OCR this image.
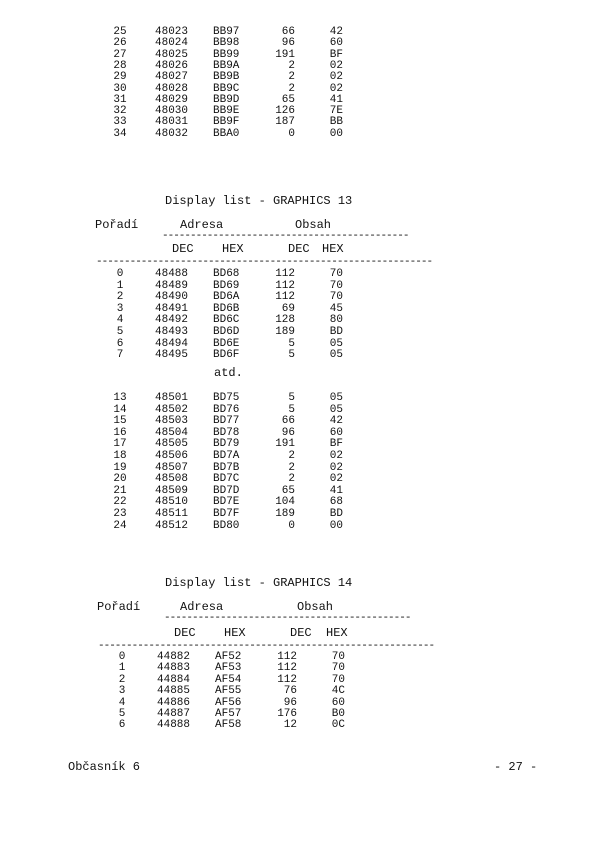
25	48023 BB97	66	42
26	48024 BB98	96	60
27	48025 BB99	191	BF
28	48026 BB9A	2	02
29	48027 BB9B	2	02
30	48028 BB9C	2	02
31	48029 BB9D	65	41
32	48030 BB9E	126	7E
33	48031 BB9F	187	BB
34	48032 BBA0	0	00
Display list - GRAPHICS 13
Pořadí	Adresa	Obsah
--------------------------------------------
DEC HEX	DEC HEX
------------------------------------------------------------
0	48488 BD68	112	70
1	48489 BD69	112	70
2	48490 BD6A	112	70
3	48491 BD6B	69	45
4	48492 BD6C	128	80
5	48493 BD6D	189	BD
6	48494 BD6E	5	05
7	48495 BD6F	5	05
atd.
13	48501 BD75	5	05
14	48502 BD76	5	05
15	48503 BD77	66	42
16	48504 BD78	96	60
17	48505 BD79	191	BF
18	48506 BD7A	2	02
19	48507 BD7B	2	02
20	48508 BD7C	2	02
21	48509 BD7D	65	41
22	48510 BD7E	104	68
23	48511 BD7F	189	BD
24	48512 BD80	0	00
Display list - GRAPHICS 14
Pořadí	Adresa	Obsah
--------------------------------------------
DEC HEX	DEC HEX
------------------------------------------------------------
0	44882 AF52	112	70
1	44883 AF53	112	70
2	44884 AF54	112	70
3	44885 AF55	76	4C
4	44886 AF56	96	60
5	44887 AF57	176	B0
6	44888 AF58	12	0C
Občasník 6	- 27 -
